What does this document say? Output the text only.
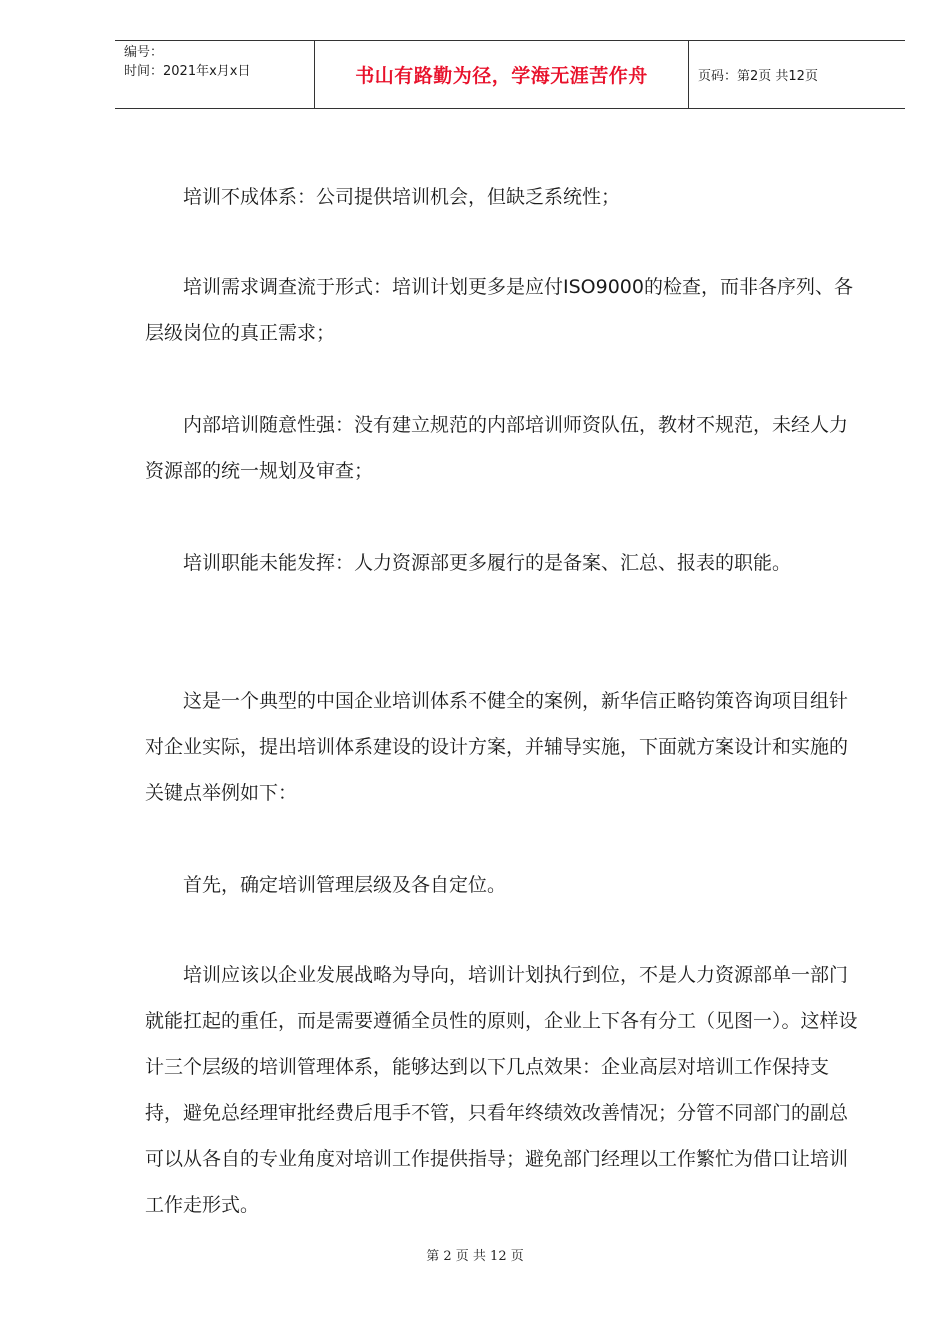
编号：
时间：2021年x月x日	书山有路勤为径，学海无涯苦作舟	页码：第2页 共12页

　　培训不成体系：公司提供培训机会，但缺乏系统性；

　　培训需求调查流于形式：培训计划更多是应付ISO9000的检查，而非各序列、各层级岗位的真正需求；

　　内部培训随意性强：没有建立规范的内部培训师资队伍，教材不规范，未经人力资源部的统一规划及审查；

　　培训职能未能发挥：人力资源部更多履行的是备案、汇总、报表的职能。

　　这是一个典型的中国企业培训体系不健全的案例，新华信正略钧策咨询项目组针对企业实际，提出培训体系建设的设计方案，并辅导实施，下面就方案设计和实施的关键点举例如下：

　　首先，确定培训管理层级及各自定位。

　　培训应该以企业发展战略为导向，培训计划执行到位，不是人力资源部单一部门就能扛起的重任，而是需要遵循全员性的原则，企业上下各有分工（见图一）。这样设计三个层级的培训管理体系，能够达到以下几点效果：企业高层对培训工作保持支持，避免总经理审批经费后甩手不管，只看年终绩效改善情况；分管不同部门的副总可以从各自的专业角度对培训工作提供指导；避免部门经理以工作繁忙为借口让培训工作走形式。

第 2 页 共 12 页
